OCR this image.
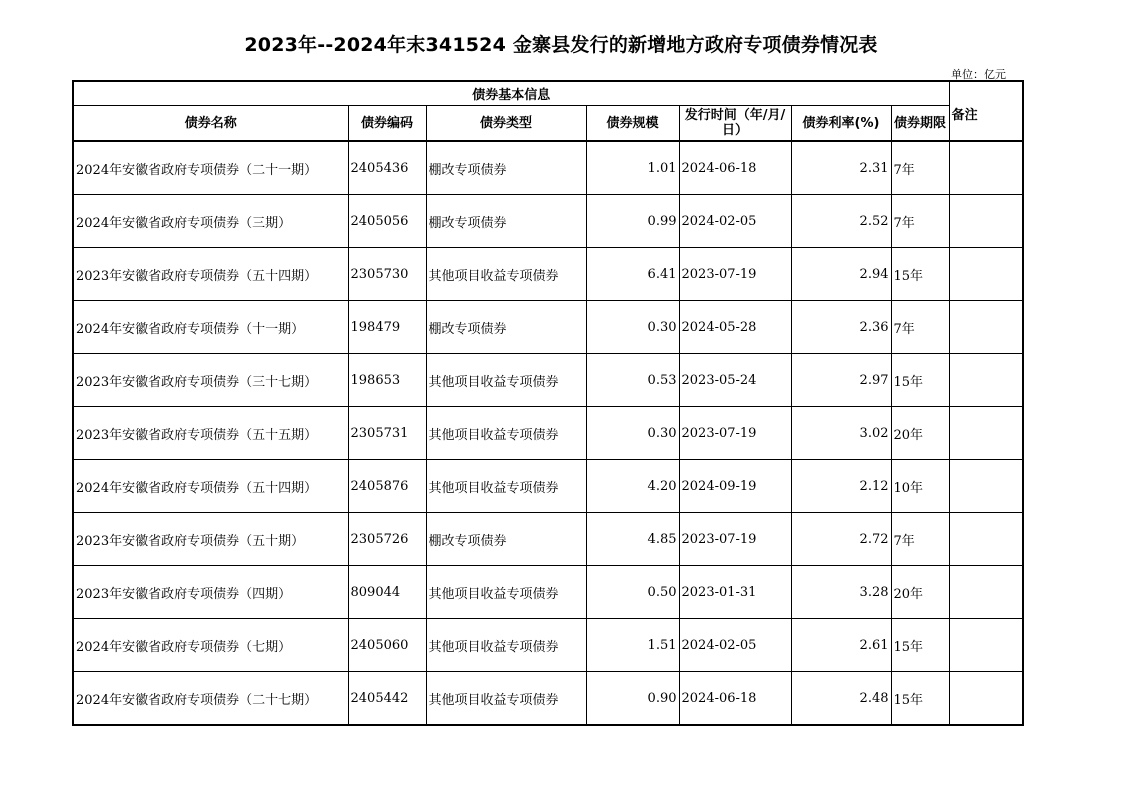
2023年--2024年末341524 金寨县发行的新增地方政府专项债券情况表
单位：亿元
债券基本信息							备注
债券名称	债券编码	债券类型	债券规模	发行时间（年/月/日）	债券利率(%)	债券期限	
2024年安徽省政府专项债券（二十一期）	2405436	棚改专项债券	1.01	2024-06-18	2.31	7年	
2024年安徽省政府专项债券（三期）	2405056	棚改专项债券	0.99	2024-02-05	2.52	7年	
2023年安徽省政府专项债券（五十四期）	2305730	其他项目收益专项债券	6.41	2023-07-19	2.94	15年	
2024年安徽省政府专项债券（十一期）	198479	棚改专项债券	0.30	2024-05-28	2.36	7年	
2023年安徽省政府专项债券（三十七期）	198653	其他项目收益专项债券	0.53	2023-05-24	2.97	15年	
2023年安徽省政府专项债券（五十五期）	2305731	其他项目收益专项债券	0.30	2023-07-19	3.02	20年	
2024年安徽省政府专项债券（五十四期）	2405876	其他项目收益专项债券	4.20	2024-09-19	2.12	10年	
2023年安徽省政府专项债券（五十期）	2305726	棚改专项债券	4.85	2023-07-19	2.72	7年	
2023年安徽省政府专项债券（四期）	809044	其他项目收益专项债券	0.50	2023-01-31	3.28	20年	
2024年安徽省政府专项债券（七期）	2405060	其他项目收益专项债券	1.51	2024-02-05	2.61	15年	
2024年安徽省政府专项债券（二十七期）	2405442	其他项目收益专项债券	0.90	2024-06-18	2.48	15年	
